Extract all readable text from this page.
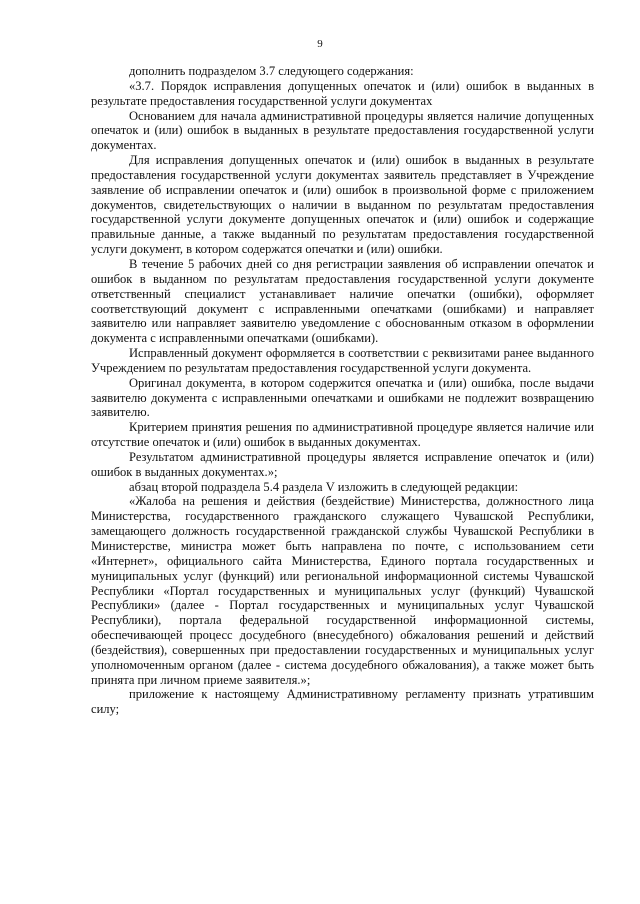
9

дополнить подразделом 3.7 следующего содержания:

«3.7. Порядок исправления допущенных опечаток и (или) ошибок в выданных в результате предоставления государственной услуги документах

Основанием для начала административной процедуры является наличие допущенных опечаток и (или) ошибок в выданных в результате предоставления государственной услуги документах.

Для исправления допущенных опечаток и (или) ошибок в выданных в результате предоставления государственной услуги документах заявитель представляет в Учреждение заявление об исправлении опечаток и (или) ошибок в произвольной форме с приложением документов, свидетельствующих о наличии в выданном по результатам предоставления государственной услуги документе допущенных опечаток и (или) ошибок и содержащие правильные данные, а также выданный по результатам предоставления государственной услуги документ, в котором содержатся опечатки и (или) ошибки.

В течение 5 рабочих дней со дня регистрации заявления об исправлении опечаток и ошибок в выданном по результатам предоставления государственной услуги документе ответственный специалист устанавливает наличие опечатки (ошибки), оформляет соответствующий документ с исправленными опечатками (ошибками) и направляет заявителю или направляет заявителю уведомление с обоснованным отказом в оформлении документа с исправленными опечатками (ошибками).

Исправленный документ оформляется в соответствии с реквизитами ранее выданного Учреждением по результатам предоставления государственной услуги документа.

Оригинал документа, в котором содержится опечатка и (или) ошибка, после выдачи заявителю документа с исправленными опечатками и ошибками не подлежит возвращению заявителю.

Критерием принятия решения по административной процедуре является наличие или отсутствие опечаток и (или) ошибок в выданных документах.

Результатом административной процедуры является исправление опечаток и (или) ошибок в выданных документах.»;

абзац второй подраздела 5.4 раздела V изложить в следующей редакции:

«Жалоба на решения и действия (бездействие) Министерства, должностного лица Министерства, государственного гражданского служащего Чувашской Республики, замещающего должность государственной гражданской службы Чувашской Республики в Министерстве, министра может быть направлена по почте, с использованием сети «Интернет», официального сайта Министерства, Единого портала государственных и муниципальных услуг (функций) или региональной информационной системы Чувашской Республики «Портал государственных и муниципальных услуг (функций) Чувашской Республики» (далее - Портал государственных и муниципальных услуг Чувашской Республики), портала федеральной государственной информационной системы, обеспечивающей процесс досудебного (внесудебного) обжалования решений и действий (бездействия), совершенных при предоставлении государственных и муниципальных услуг уполномоченным органом (далее - система досудебного обжалования), а также может быть принята при личном приеме заявителя.»;

приложение к настоящему Административному регламенту признать утратившим силу;
